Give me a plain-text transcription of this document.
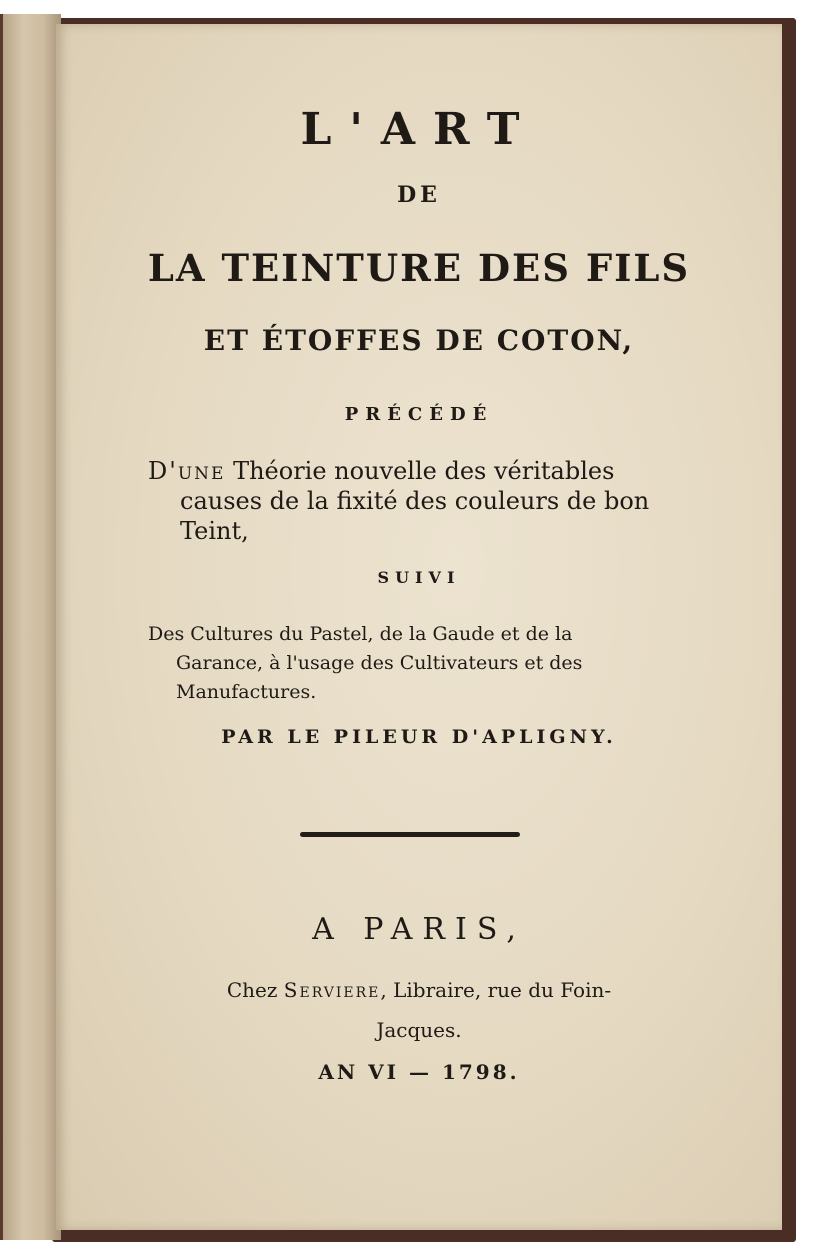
L'ART
DE
LA TEINTURE DES FILS
ET ÉTOFFES DE COTON,
PRÉCÉDÉ
D'une Théorie nouvelle des véritables
causes de la fixité des couleurs de bon
Teint,
SUIVI
Des Cultures du Pastel, de la Gaude et de la
Garance, à l'usage des Cultivateurs et des
Manufactures.
PAR LE PILEUR D'APLIGNY.
A PARIS,
Chez Serviere, Libraire, rue du Foin-
Jacques.
AN VI — 1798.
